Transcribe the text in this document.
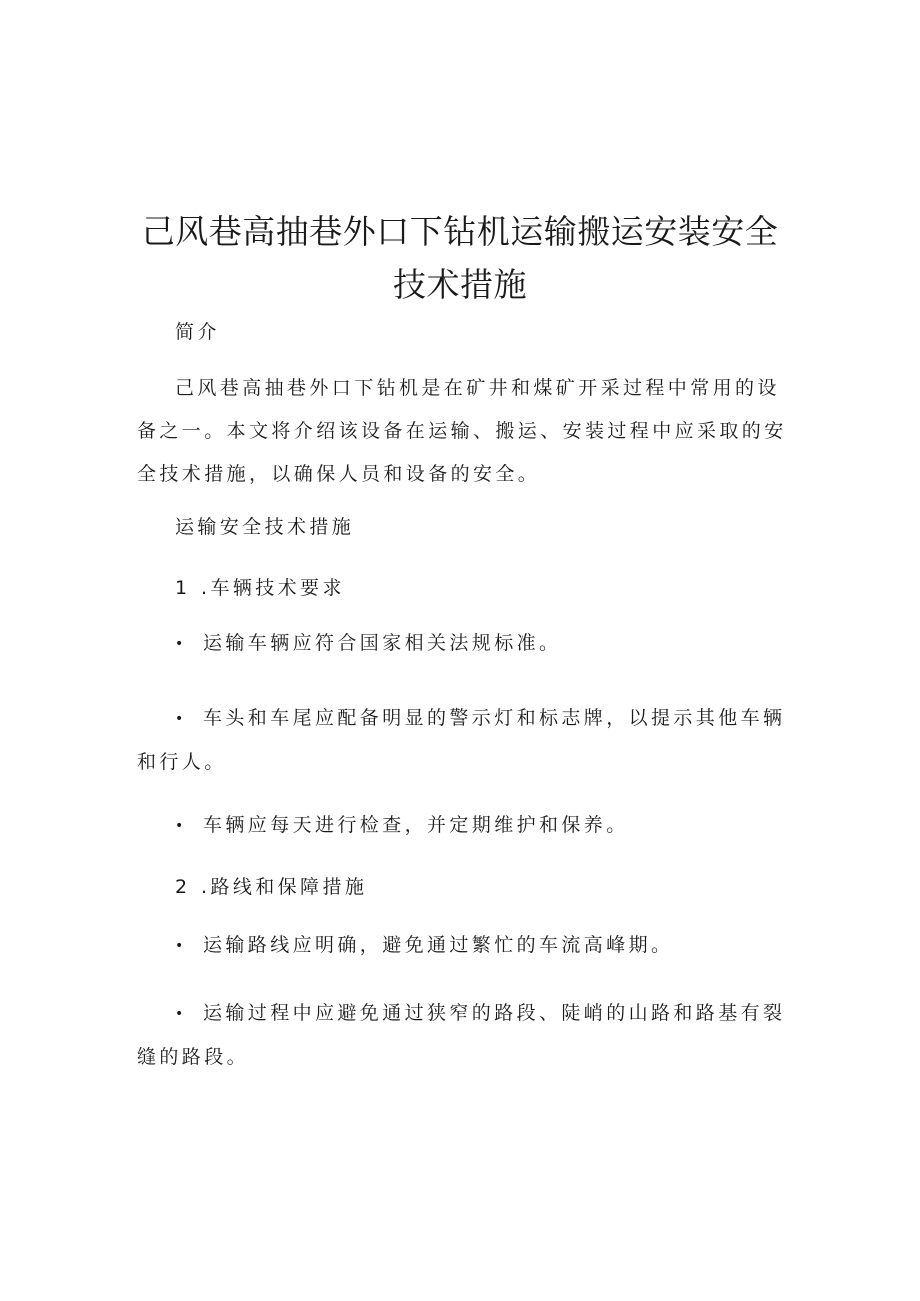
己风巷高抽巷外口下钻机运输搬运安装安全技术措施

简介

己风巷高抽巷外口下钻机是在矿井和煤矿开采过程中常用的设备之一。本文将介绍该设备在运输、搬运、安装过程中应采取的安全技术措施，以确保人员和设备的安全。

运输安全技术措施

1 .车辆技术要求

• 运输车辆应符合国家相关法规标准。

• 车头和车尾应配备明显的警示灯和标志牌，以提示其他车辆和行人。

• 车辆应每天进行检查，并定期维护和保养。

2 .路线和保障措施

• 运输路线应明确，避免通过繁忙的车流高峰期。

• 运输过程中应避免通过狭窄的路段、陡峭的山路和路基有裂缝的路段。
